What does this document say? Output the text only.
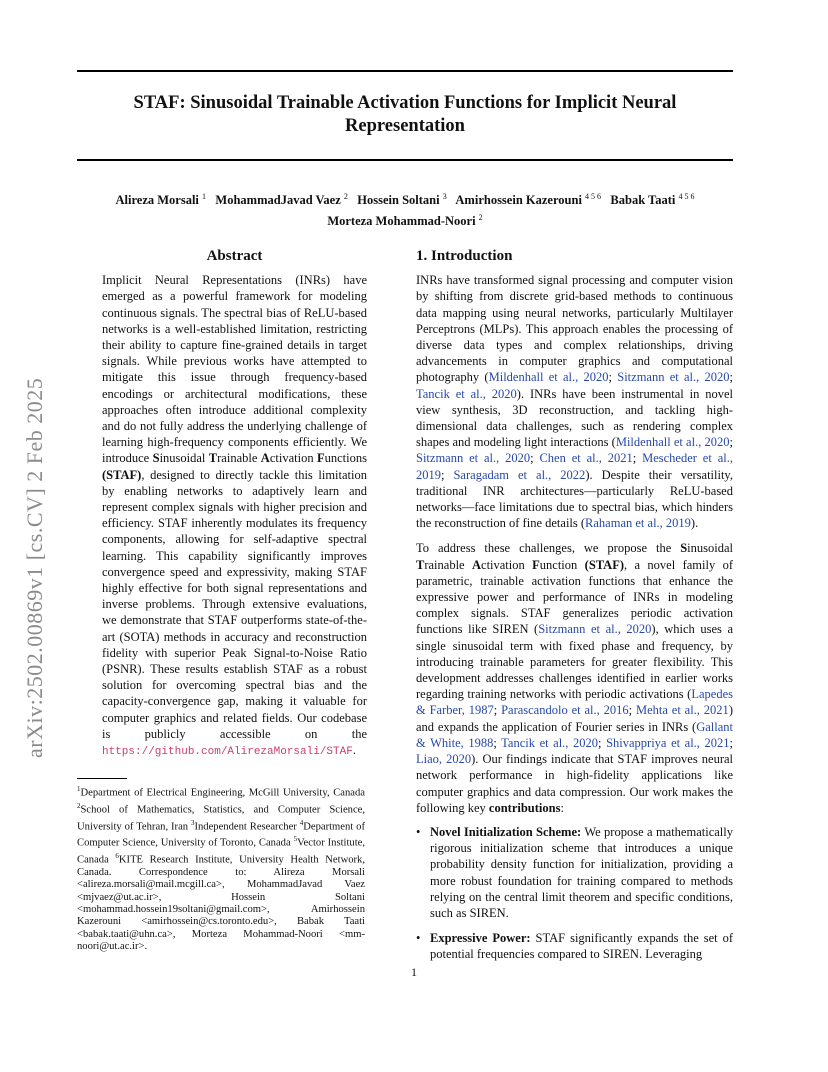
STAF: Sinusoidal Trainable Activation Functions for Implicit Neural Representation
Alireza Morsali $^1$ MohammadJavad Vaez $^2$ Hossein Soltani $^3$ Amirhossein Kazerouni $^{4 5 6}$ Babak Taati $^{4 5 6}$
Morteza Mohammad-Noori $^2$
arXiv:2502.00869v1 [cs.CV] 2 Feb 2025
Abstract

Implicit Neural Representations (INRs) have emerged as a powerful framework for modeling continuous signals. The spectral bias of ReLU-based networks is a well-established limitation, restricting their ability to capture fine-grained details in target signals. While previous works have attempted to mitigate this issue through frequency-based encodings or architectural modifications, these approaches often introduce additional complexity and do not fully address the underlying challenge of learning high-frequency components efficiently. We introduce Sinusoidal Trainable Activation Functions (STAF), designed to directly tackle this limitation by enabling networks to adaptively learn and represent complex signals with higher precision and efficiency. STAF inherently modulates its frequency components, allowing for self-adaptive spectral learning. This capability significantly improves convergence speed and expressivity, making STAF highly effective for both signal representations and inverse problems. Through extensive evaluations, we demonstrate that STAF outperforms state-of-the-art (SOTA) methods in accuracy and reconstruction fidelity with superior Peak Signal-to-Noise Ratio (PSNR). These results establish STAF as a robust solution for overcoming spectral bias and the capacity-convergence gap, making it valuable for computer graphics and related fields. Our codebase is publicly accessible on the https://github.com/AlirezaMorsali/STAF.

$^1$Department of Electrical Engineering, McGill University, Canada $^2$School of Mathematics, Statistics, and Computer Science, University of Tehran, Iran $^3$Independent Researcher $^4$Department of Computer Science, University of Toronto, Canada $^5$Vector Institute, Canada $^6$KITE Research Institute, University Health Network, Canada. Correspondence to: Alireza Morsali <alireza.morsali@mail.mcgill.ca>, MohammadJavad Vaez <mjvaez@ut.ac.ir>, Hossein Soltani <mohammad.hossein19soltani@gmail.com>, Amirhossein Kazerouni <amirhossein@cs.toronto.edu>, Babak Taati <babak.taati@uhn.ca>, Morteza Mohammad-Noori <mm-noori@ut.ac.ir>.
1. Introduction

INRs have transformed signal processing and computer vision by shifting from discrete grid-based methods to continuous data mapping using neural networks, particularly Multilayer Perceptrons (MLPs). This approach enables the processing of diverse data types and complex relationships, driving advancements in computer graphics and computational photography (Mildenhall et al., 2020; Sitzmann et al., 2020; Tancik et al., 2020). INRs have been instrumental in novel view synthesis, 3D reconstruction, and tackling high-dimensional data challenges, such as rendering complex shapes and modeling light interactions (Mildenhall et al., 2020; Sitzmann et al., 2020; Chen et al., 2021; Mescheder et al., 2019; Saragadam et al., 2022). Despite their versatility, traditional INR architectures—particularly ReLU-based networks—face limitations due to spectral bias, which hinders the reconstruction of fine details (Rahaman et al., 2019).

To address these challenges, we propose the Sinusoidal Trainable Activation Function (STAF), a novel family of parametric, trainable activation functions that enhance the expressive power and performance of INRs in modeling complex signals. STAF generalizes periodic activation functions like SIREN (Sitzmann et al., 2020), which uses a single sinusoidal term with fixed phase and frequency, by introducing trainable parameters for greater flexibility. This development addresses challenges identified in earlier works regarding training networks with periodic activations (Lapedes & Farber, 1987; Parascandolo et al., 2016; Mehta et al., 2021) and expands the application of Fourier series in INRs (Gallant & White, 1988; Tancik et al., 2020; Shivappriya et al., 2021; Liao, 2020). Our findings indicate that STAF improves neural network performance in high-fidelity applications like computer graphics and data compression. Our work makes the following key contributions:

• Novel Initialization Scheme: We propose a mathematically rigorous initialization scheme that introduces a unique probability density function for initialization, providing a more robust foundation for training compared to methods relying on the central limit theorem and specific conditions, such as SIREN.
• Expressive Power: STAF significantly expands the set of potential frequencies compared to SIREN. Leveraging
1
